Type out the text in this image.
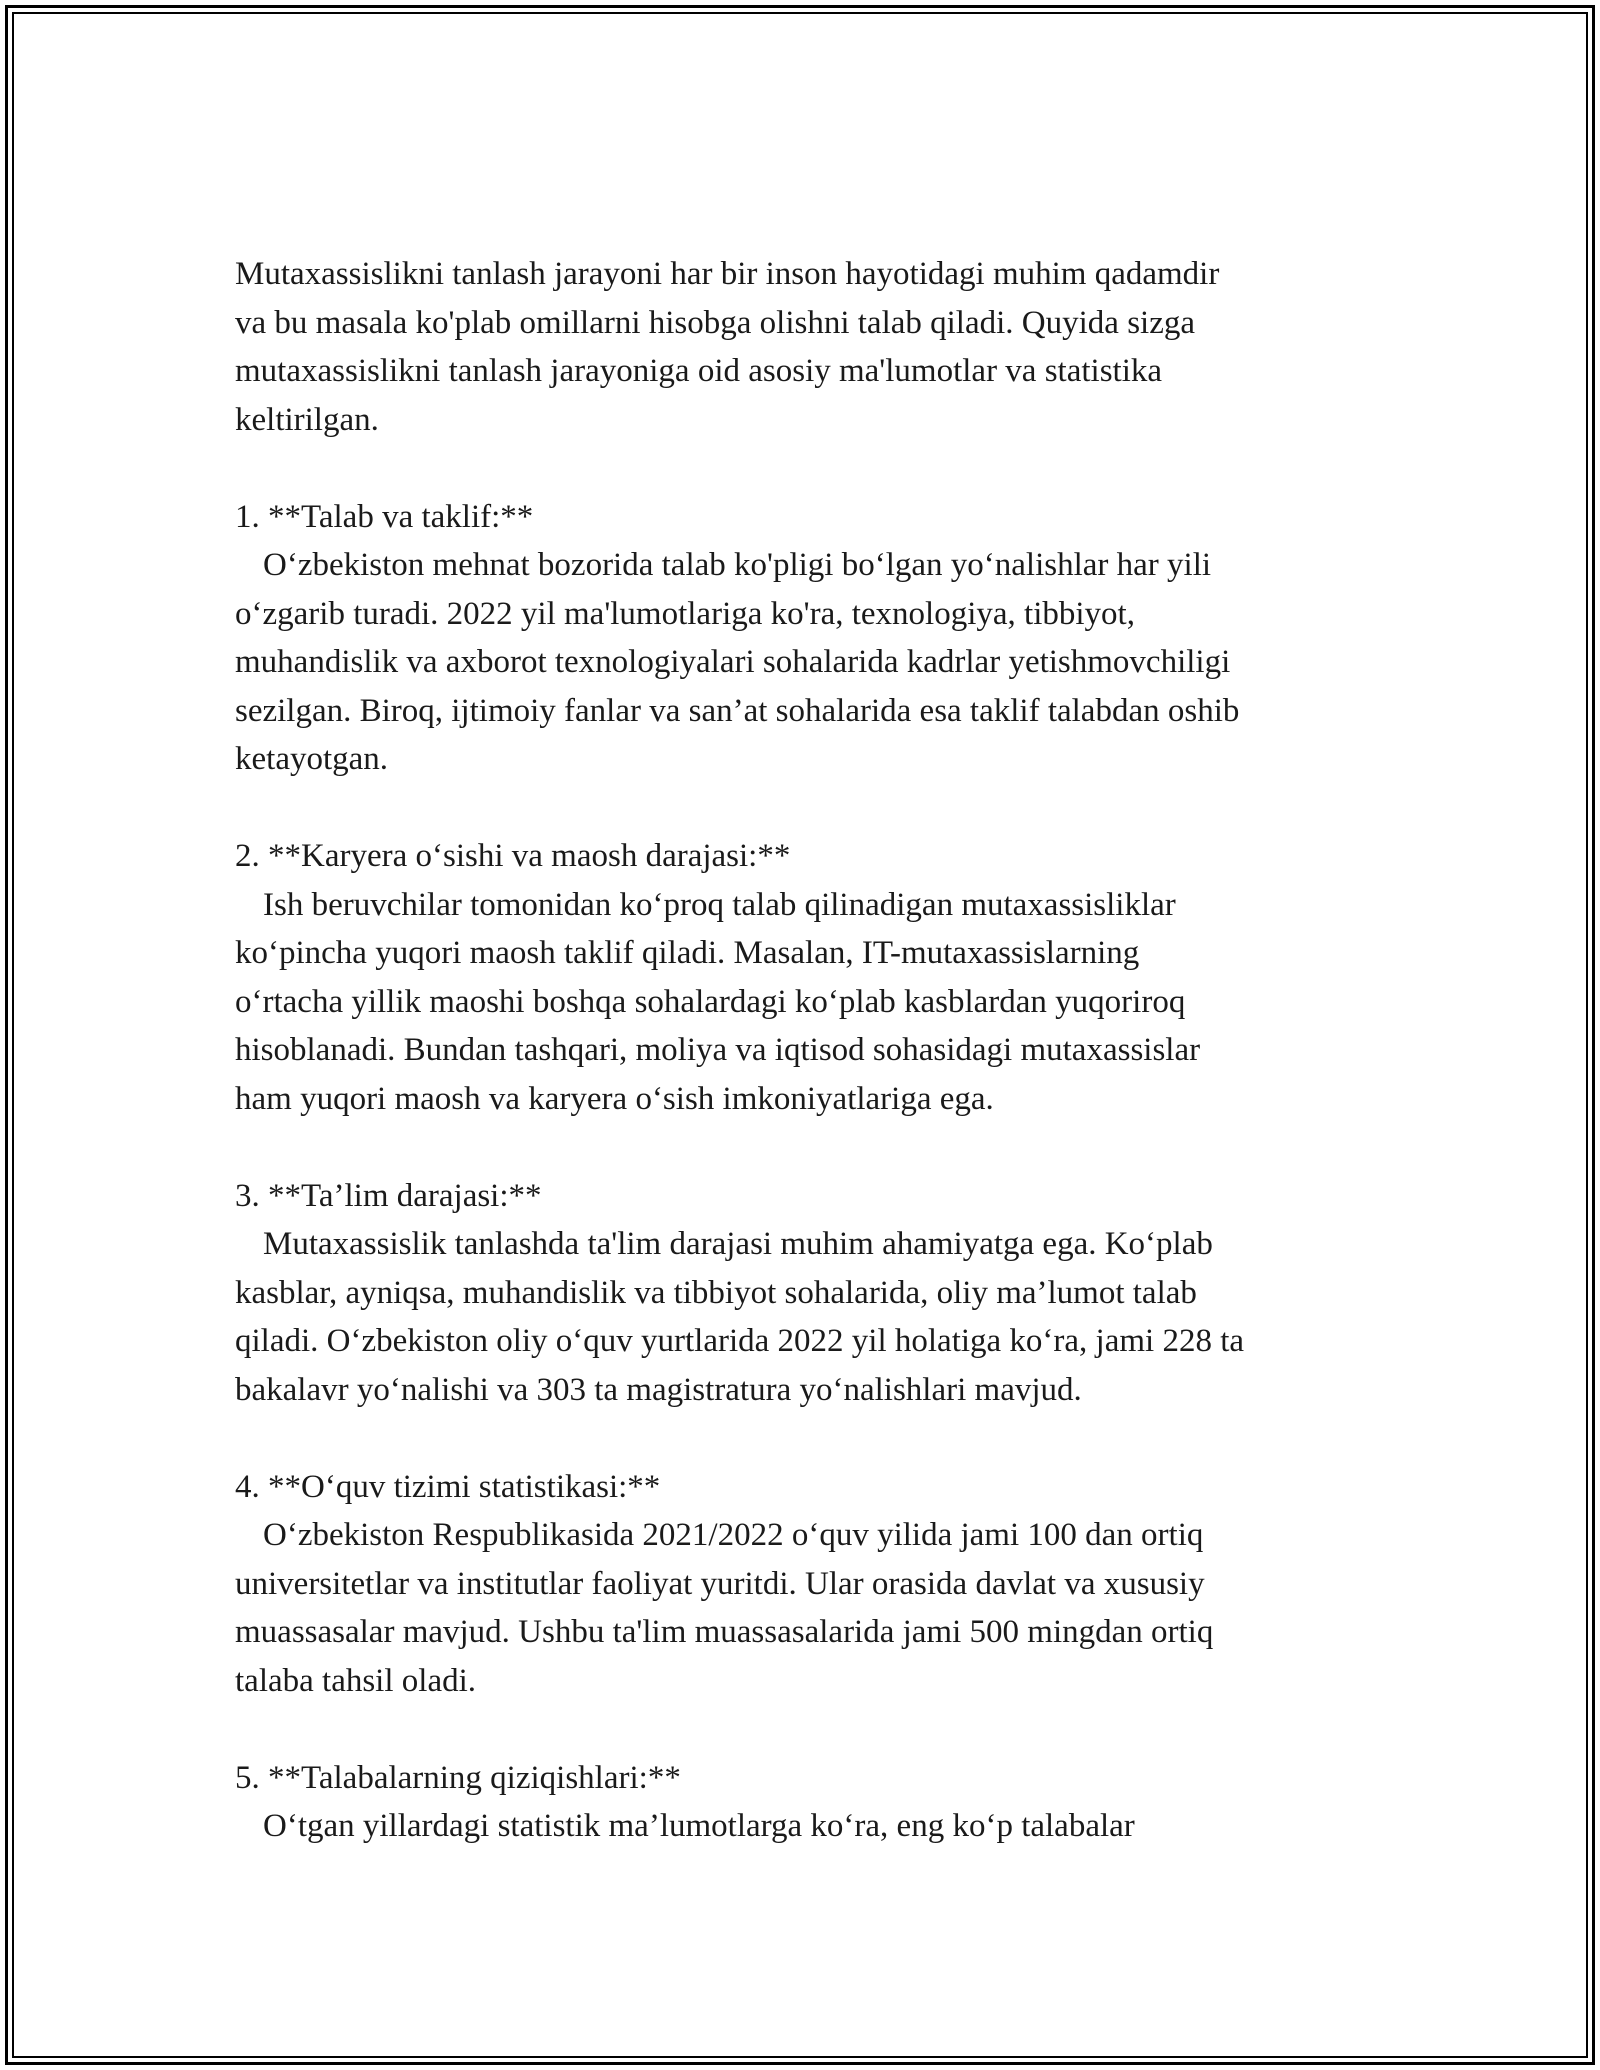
Mutaxassislikni tanlash jarayoni har bir inson hayotidagi muhim qadamdir

va bu masala ko'plab omillarni hisobga olishni talab qiladi. Quyida sizga

mutaxassislikni tanlash jarayoniga oid asosiy ma'lumotlar va statistika

keltirilgan.

1. **Talab va taklif:**

O‘zbekiston mehnat bozorida talab ko'pligi bo‘lgan yo‘nalishlar har yili

o‘zgarib turadi. 2022 yil ma'lumotlariga ko'ra, texnologiya, tibbiyot,

muhandislik va axborot texnologiyalari sohalarida kadrlar yetishmovchiligi

sezilgan. Biroq, ijtimoiy fanlar va san’at sohalarida esa taklif talabdan oshib

ketayotgan.

2. **Karyera o‘sishi va maosh darajasi:**

Ish beruvchilar tomonidan ko‘proq talab qilinadigan mutaxassisliklar

ko‘pincha yuqori maosh taklif qiladi. Masalan, IT-mutaxassislarning

o‘rtacha yillik maoshi boshqa sohalardagi ko‘plab kasblardan yuqoriroq

hisoblanadi. Bundan tashqari, moliya va iqtisod sohasidagi mutaxassislar

ham yuqori maosh va karyera o‘sish imkoniyatlariga ega.

3. **Ta’lim darajasi:**

Mutaxassislik tanlashda ta'lim darajasi muhim ahamiyatga ega. Ko‘plab

kasblar, ayniqsa, muhandislik va tibbiyot sohalarida, oliy ma’lumot talab

qiladi. O‘zbekiston oliy o‘quv yurtlarida 2022 yil holatiga ko‘ra, jami 228 ta

bakalavr yo‘nalishi va 303 ta magistratura yo‘nalishlari mavjud.

4. **O‘quv tizimi statistikasi:**

O‘zbekiston Respublikasida 2021/2022 o‘quv yilida jami 100 dan ortiq

universitetlar va institutlar faoliyat yuritdi. Ular orasida davlat va xususiy

muassasalar mavjud. Ushbu ta'lim muassasalarida jami 500 mingdan ortiq

talaba tahsil oladi.

5. **Talabalarning qiziqishlari:**

O‘tgan yillardagi statistik ma’lumotlarga ko‘ra, eng ko‘p talabalar
